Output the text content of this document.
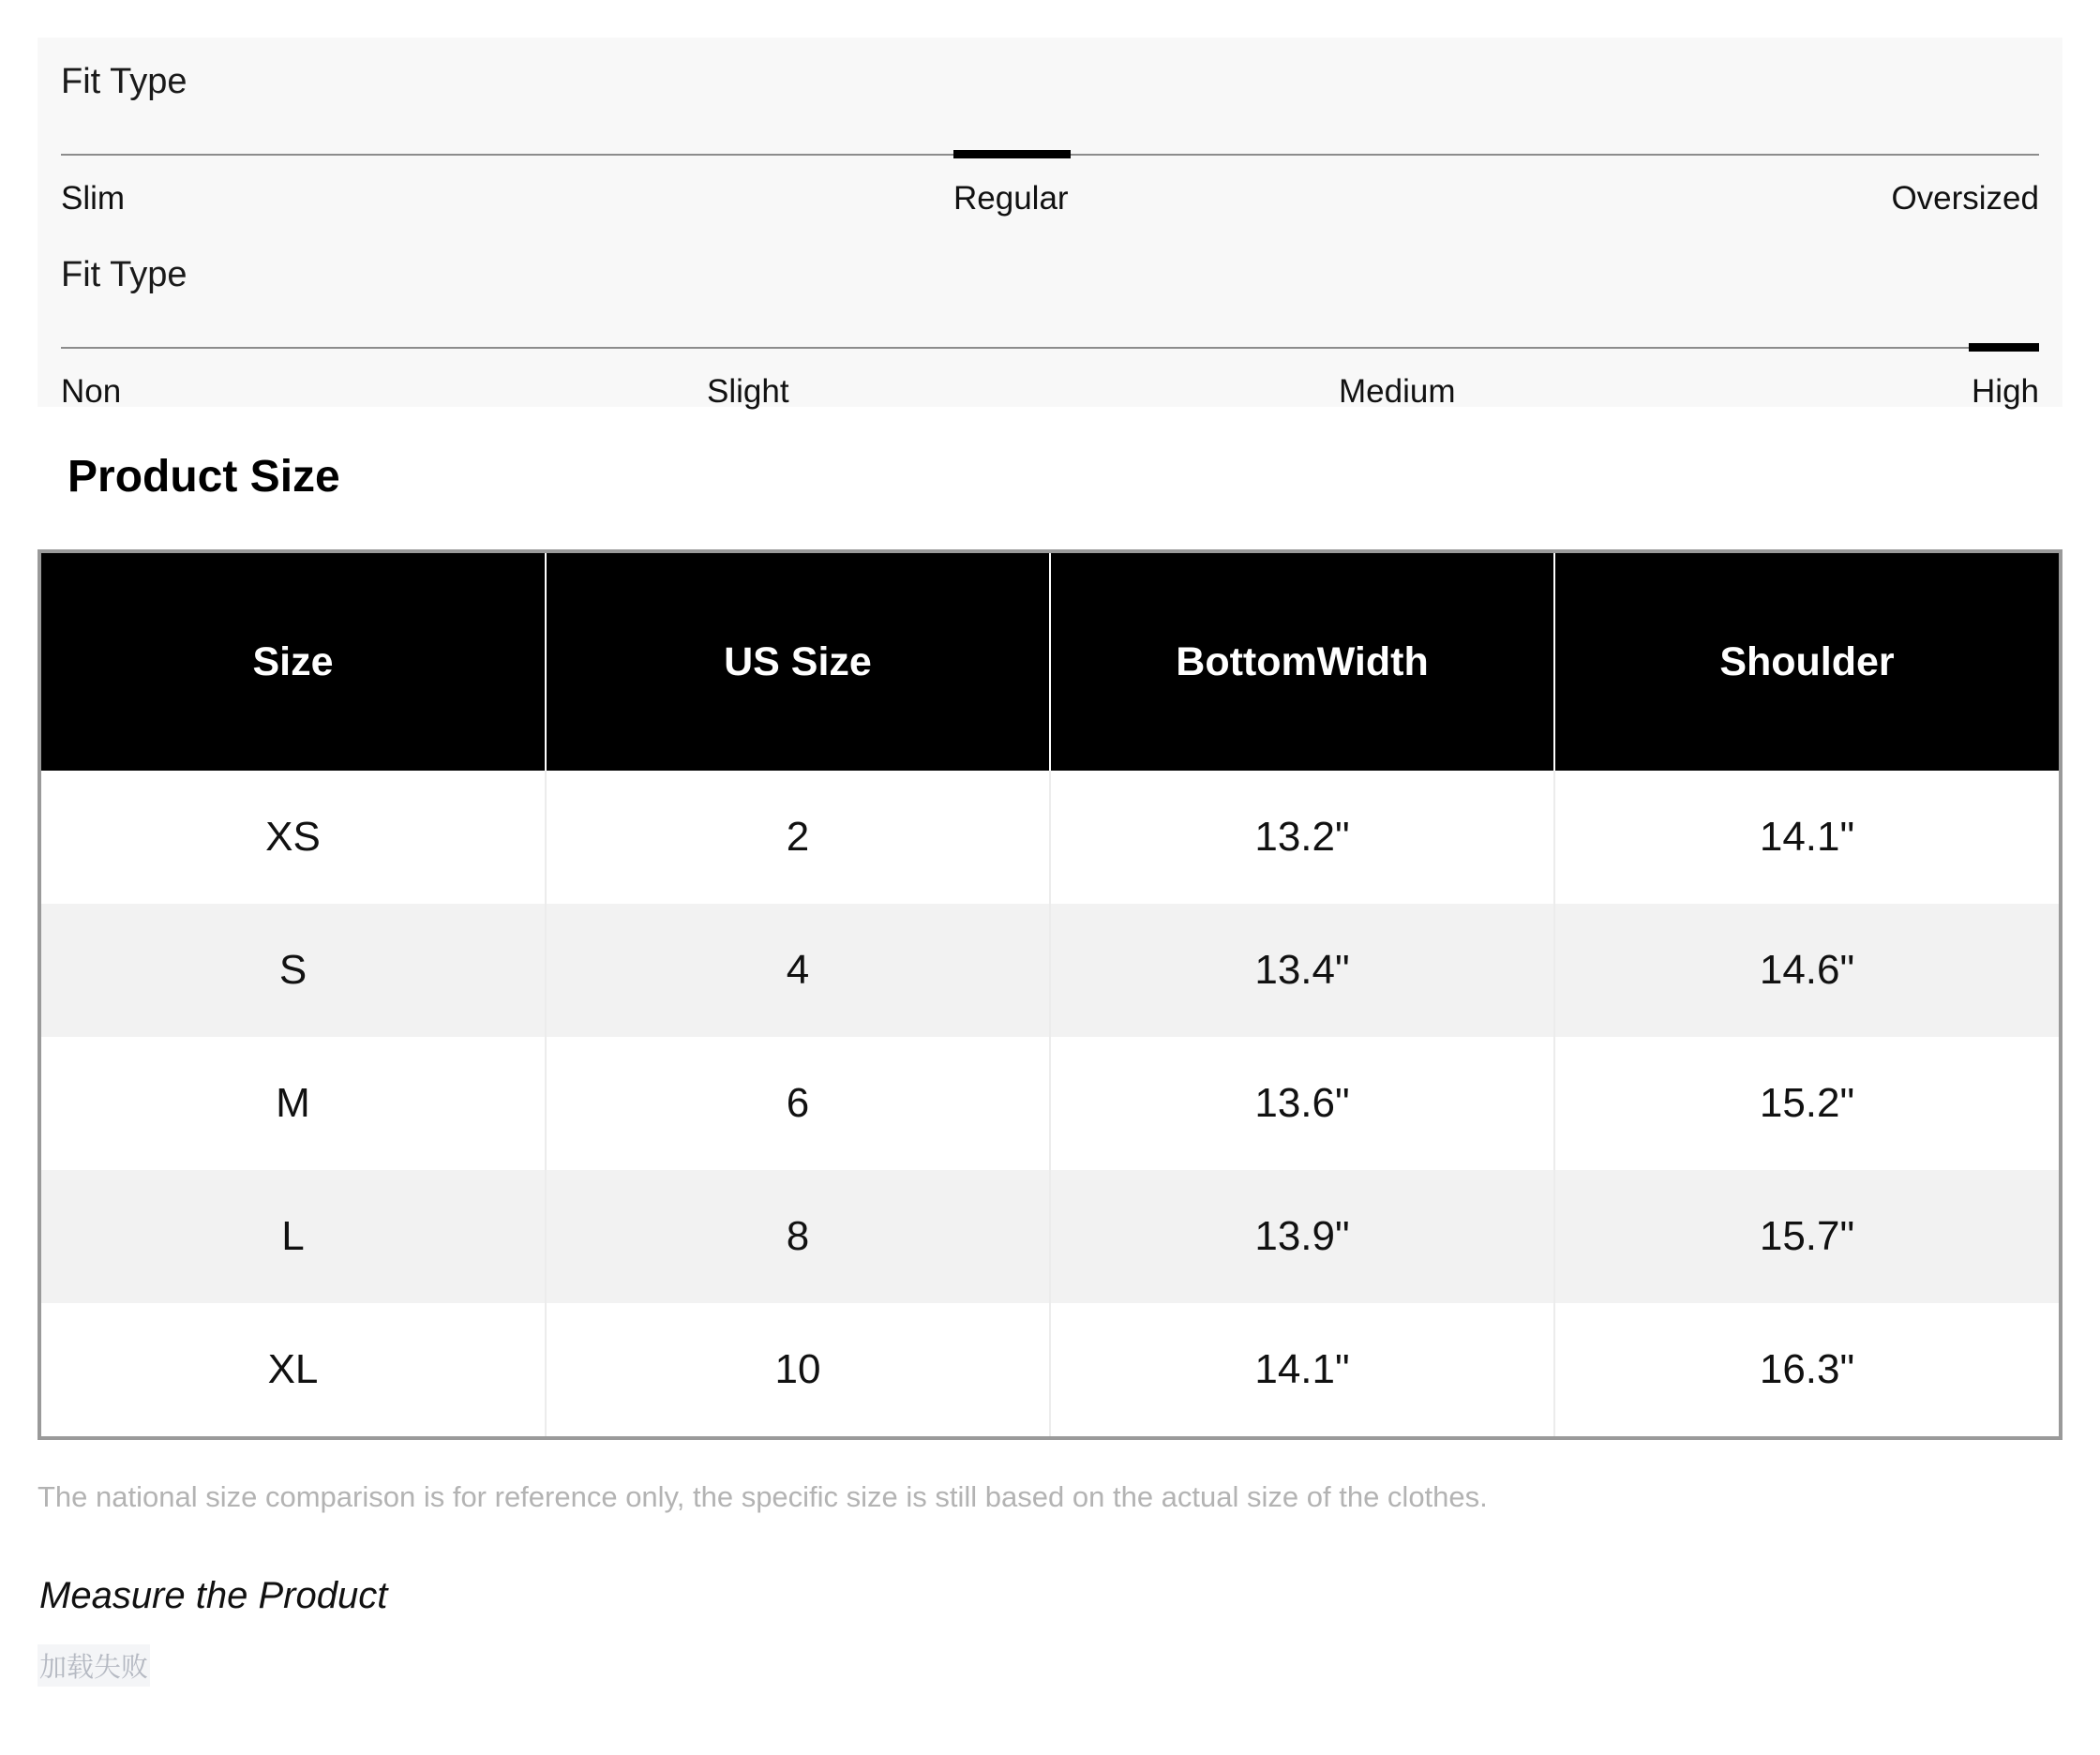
Fit Type
Slim	Regular	Oversized
Fit Type
Non	Slight	Medium	High
Product Size
Size	US Size	BottomWidth	Shoulder
XS	2	13.2"	14.1"
S	4	13.4"	14.6"
M	6	13.6"	15.2"
L	8	13.9"	15.7"
XL	10	14.1"	16.3"
The national size comparison is for reference only, the specific size is still based on the actual size of the clothes.
Measure the Product
加载失败
